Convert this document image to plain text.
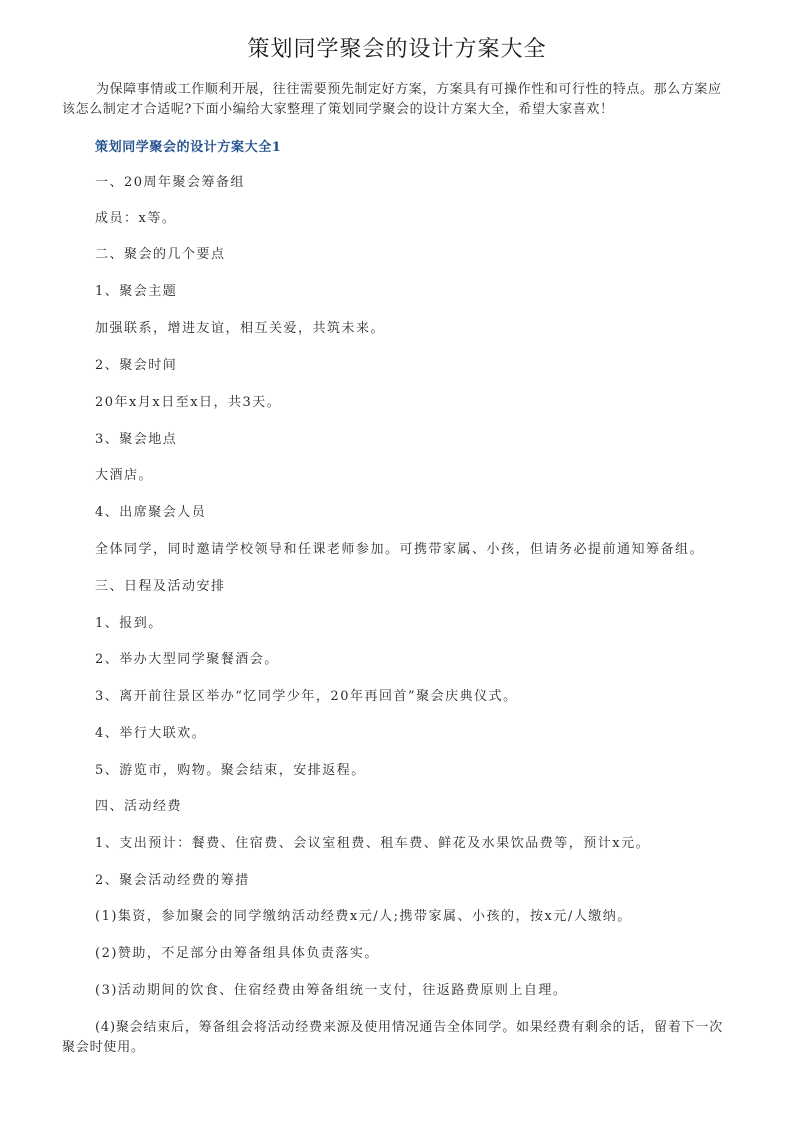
策划同学聚会的设计方案大全
为保障事情或工作顺利开展，往往需要预先制定好方案，方案具有可操作性和可行性的特点。那么方案应该怎么制定才合适呢?下面小编给大家整理了策划同学聚会的设计方案大全，希望大家喜欢！
策划同学聚会的设计方案大全1
一、20周年聚会筹备组
成员：x等。
二、聚会的几个要点
1、聚会主题
加强联系，增进友谊，相互关爱，共筑未来。
2、聚会时间
20年x月x日至x日，共3天。
3、聚会地点
大酒店。
4、出席聚会人员
全体同学，同时邀请学校领导和任课老师参加。可携带家属、小孩，但请务必提前通知筹备组。
三、日程及活动安排
1、报到。
2、举办大型同学聚餐酒会。
3、离开前往景区举办“忆同学少年，20年再回首”聚会庆典仪式。
4、举行大联欢。
5、游览市，购物。聚会结束，安排返程。
四、活动经费
1、支出预计：餐费、住宿费、会议室租费、租车费、鲜花及水果饮品费等，预计x元。
2、聚会活动经费的筹措
(1)集资，参加聚会的同学缴纳活动经费x元/人;携带家属、小孩的，按x元/人缴纳。
(2)赞助，不足部分由筹备组具体负责落实。
(3)活动期间的饮食、住宿经费由筹备组统一支付，往返路费原则上自理。
(4)聚会结束后，筹备组会将活动经费来源及使用情况通告全体同学。如果经费有剩余的话，留着下一次聚会时使用。
